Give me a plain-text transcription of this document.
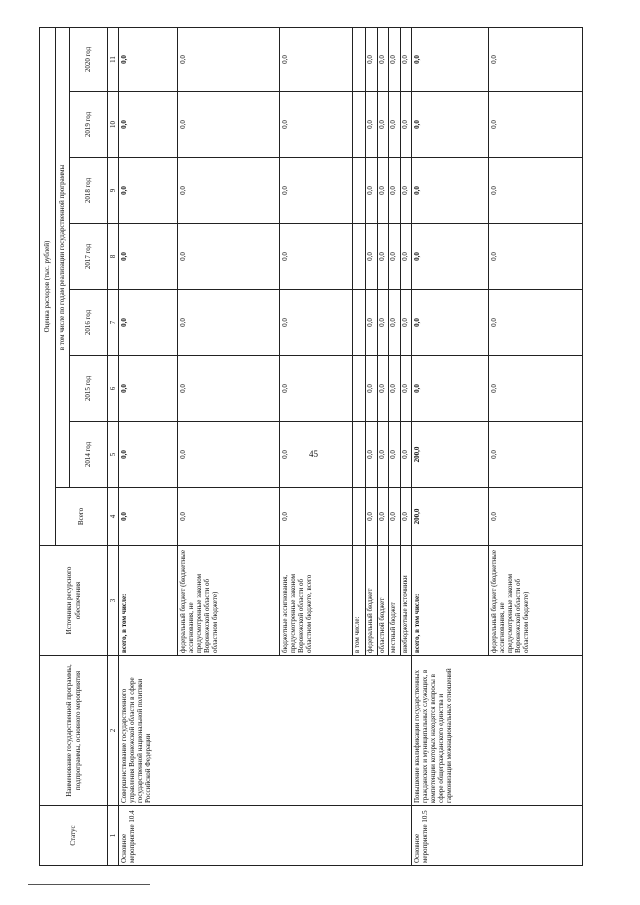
45
Статус	Наименование государственной программы, подпрограммы, основного мероприятия	Источники ресурсного обеспечения	Оценка расходов (тыс. рублей)							
			Всего	в том числе по годам реализации государственной программы						
				2014 год	2015 год	2016 год	2017 год	2018 год	2019 год	2020 год
1	2	3	4	5	6	7	8	9	10	11
Основное мероприятие 10.4	Совершенствование государственного управления Воронежской области в сфере государственной национальной политики Российской Федерации	всего, в том числе:	0,0	0,0	0,0	0,0	0,0	0,0	0,0	0,0
		федеральный бюджет (бюджетные ассигнования, не предусмотренные законом Воронежской области об областном бюджете)	0,0	0,0	0,0	0,0	0,0	0,0	0,0	0,0
		бюджетные ассигнования, предусмотренные законом Воронежской области об областном бюджете, всего	0,0	0,0	0,0	0,0	0,0	0,0	0,0	0,0
		в том числе:								
		федеральный бюджет	0,0	0,0	0,0	0,0	0,0	0,0	0,0	0,0
		областной бюджет	0,0	0,0	0,0	0,0	0,0	0,0	0,0	0,0
		местный бюджет	0,0	0,0	0,0	0,0	0,0	0,0	0,0	0,0
		внебюджетные источники	0,0	0,0	0,0	0,0	0,0	0,0	0,0	0,0
Основное мероприятие 10.5	Повышение квалификации государственных гражданских и муниципальных служащих, в компетенции которых находятся вопросы в сфере общегражданского единства и гармонизации межнациональных отношений	всего, в том числе:	200,0	200,0	0,0	0,0	0,0	0,0	0,0	0,0
		федеральный бюджет (бюджетные ассигнования, не предусмотренные законом Воронежской области об областном бюджете)	0,0	0,0	0,0	0,0	0,0	0,0	0,0	0,0
